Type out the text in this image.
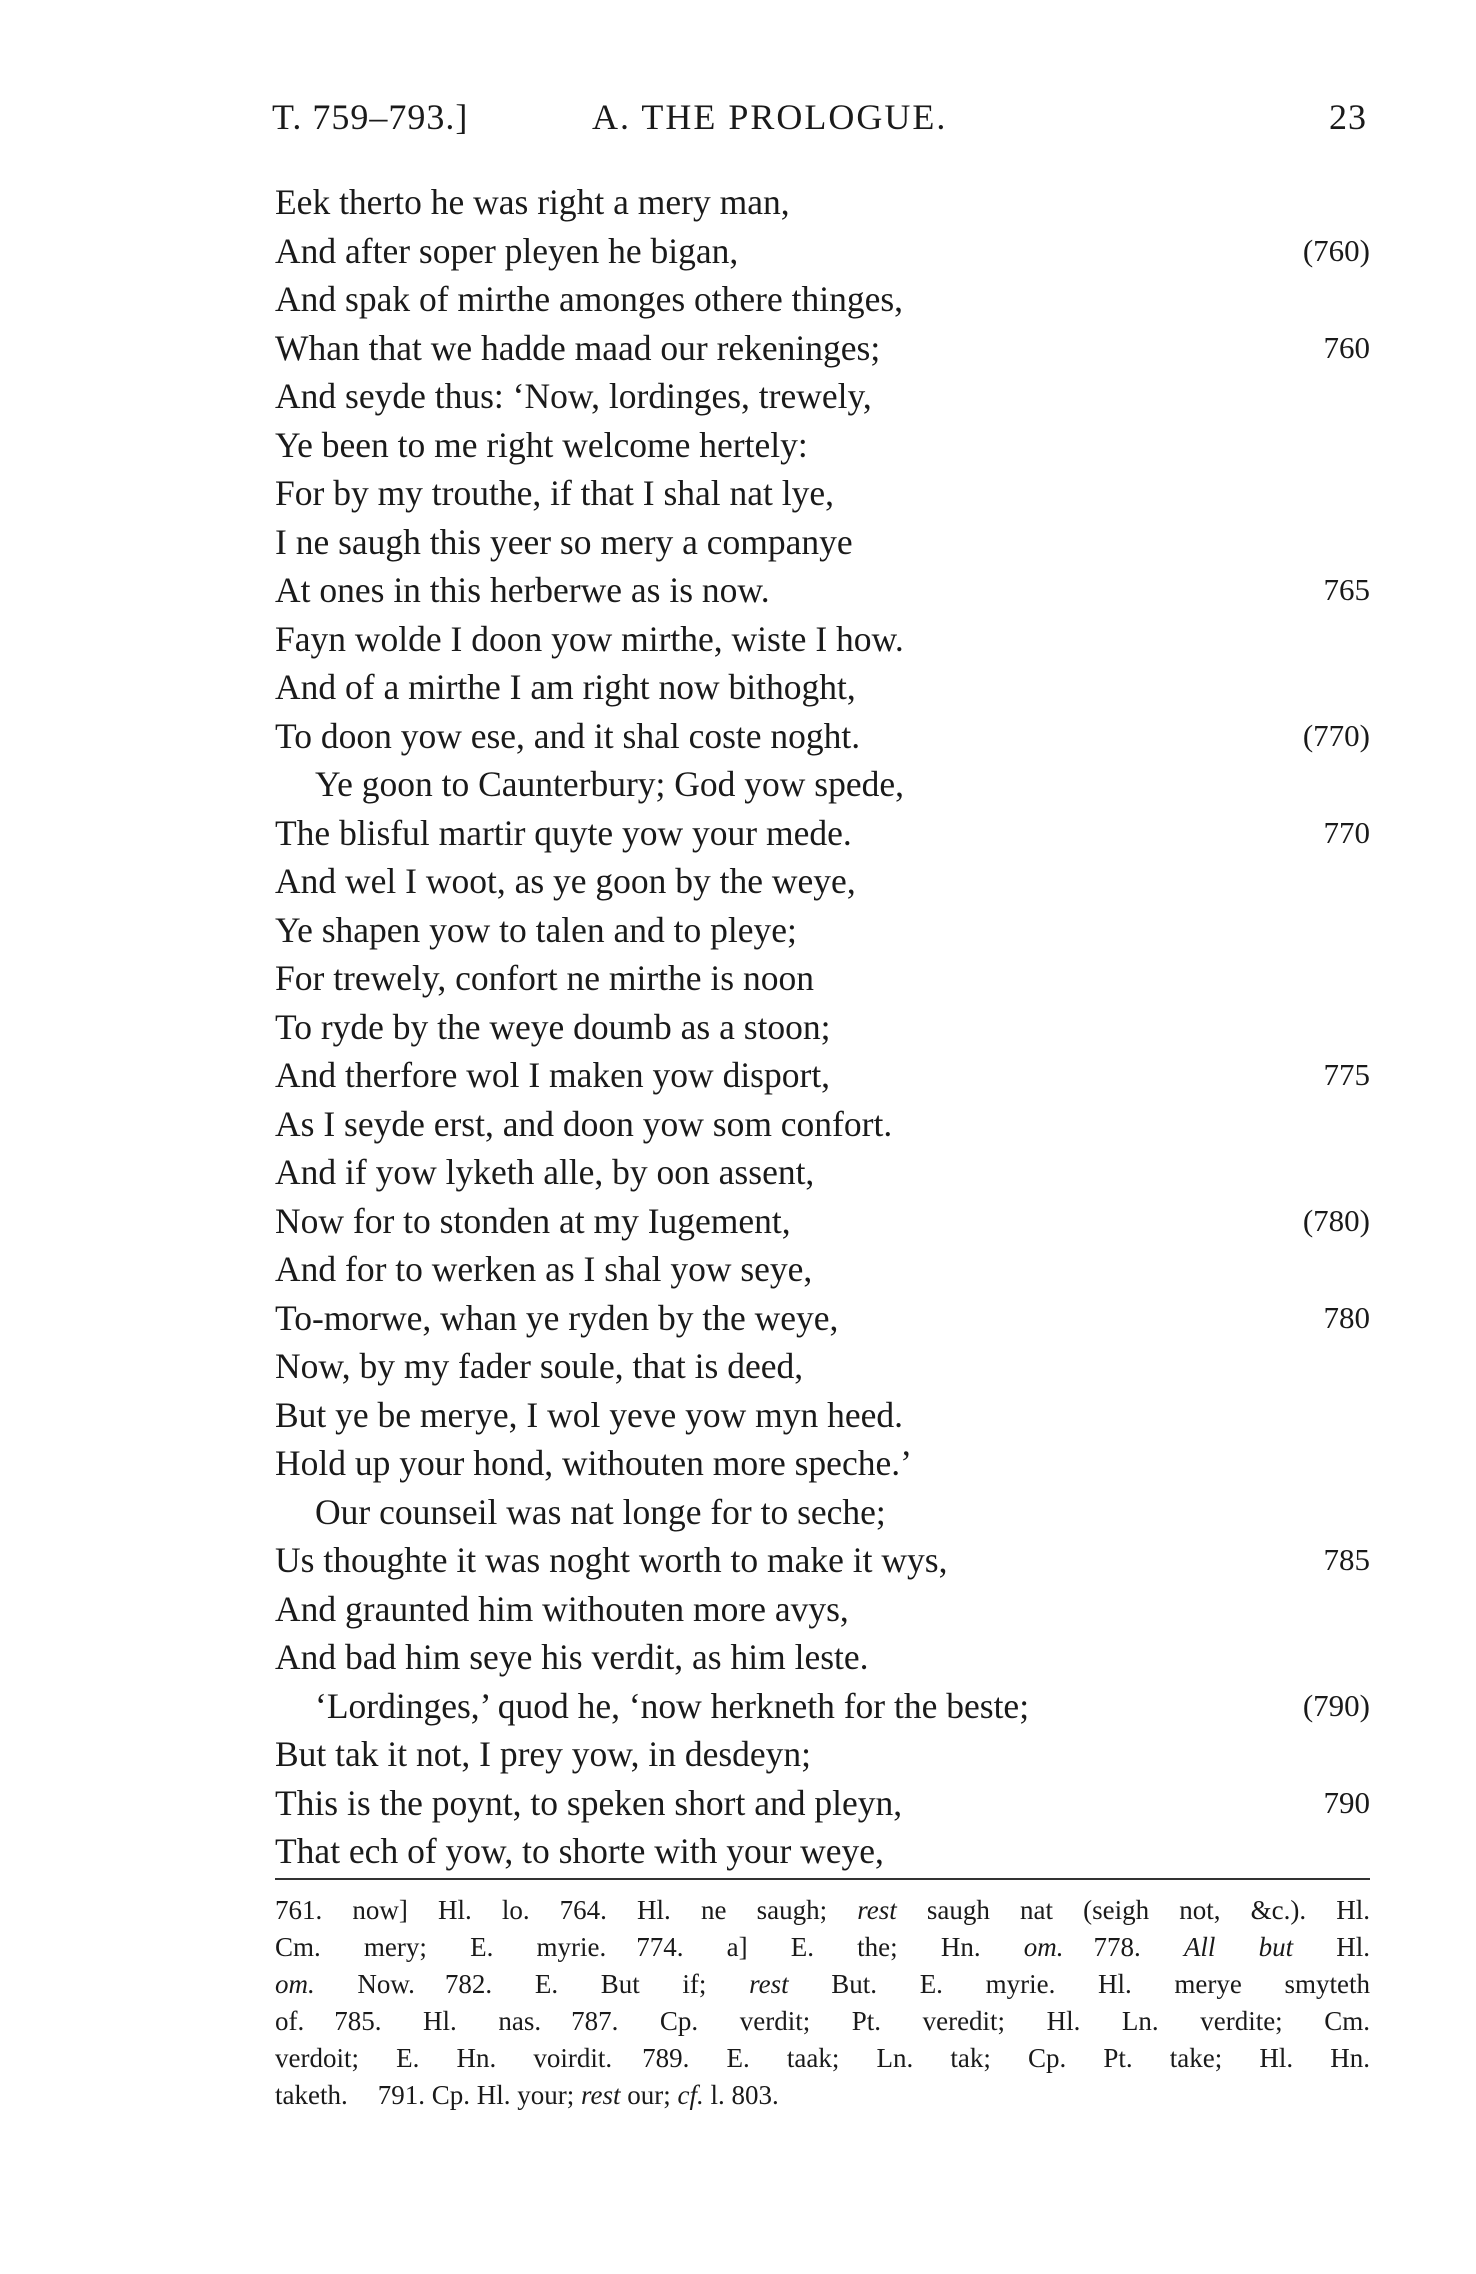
T. 759–793.]	A. THE PROLOGUE.	23
Eek therto he was right a mery man,
And after soper pleyen he bigan,	(760)
And spak of mirthe amonges othere thinges,
Whan that we hadde maad our rekeninges;	760
And seyde thus: ‘Now, lordinges, trewely,
Ye been to me right welcome hertely:
For by my trouthe, if that I shal nat lye,
I ne saugh this yeer so mery a companye
At ones in this herberwe as is now.	765
Fayn wolde I doon yow mirthe, wiste I how.
And of a mirthe I am right now bithoght,
To doon yow ese, and it shal coste noght.	(770)
Ye goon to Caunterbury; God yow spede,
The blisful martir quyte yow your mede.	770
And wel I woot, as ye goon by the weye,
Ye shapen yow to talen and to pleye;
For trewely, confort ne mirthe is noon
To ryde by the weye doumb as a stoon;
And therfore wol I maken yow disport,	775
As I seyde erst, and doon yow som confort.
And if yow lyketh alle, by oon assent,
Now for to stonden at my Iugement,	(780)
And for to werken as I shal yow seye,
To-morwe, whan ye ryden by the weye,	780
Now, by my fader soule, that is deed,
But ye be merye, I wol yeve yow myn heed.
Hold up your hond, withouten more speche.’
Our counseil was nat longe for to seche;
Us thoughte it was noght worth to make it wys,	785
And graunted him withouten more avys,
And bad him seye his verdit, as him leste.
‘Lordinges,’ quod he, ‘now herkneth for the beste;	(790)
But tak it not, I prey yow, in desdeyn;
This is the poynt, to speken short and pleyn,	790
That ech of yow, to shorte with your weye,
761. now] Hl. lo. 764. Hl. ne saugh; rest saugh nat (seigh not, &c.). Hl.
Cm. mery; E. myrie. 774. a] E. the; Hn. om. 778. All but Hl.
om. Now. 782. E. But if; rest But. E. myrie. Hl. merye smyteth
of. 785. Hl. nas. 787. Cp. verdit; Pt. veredit; Hl. Ln. verdite; Cm.
verdoit; E. Hn. voirdit. 789. E. taak; Ln. tak; Cp. Pt. take; Hl. Hn.
taketh. 791. Cp. Hl. your; rest our; cf. l. 803.
